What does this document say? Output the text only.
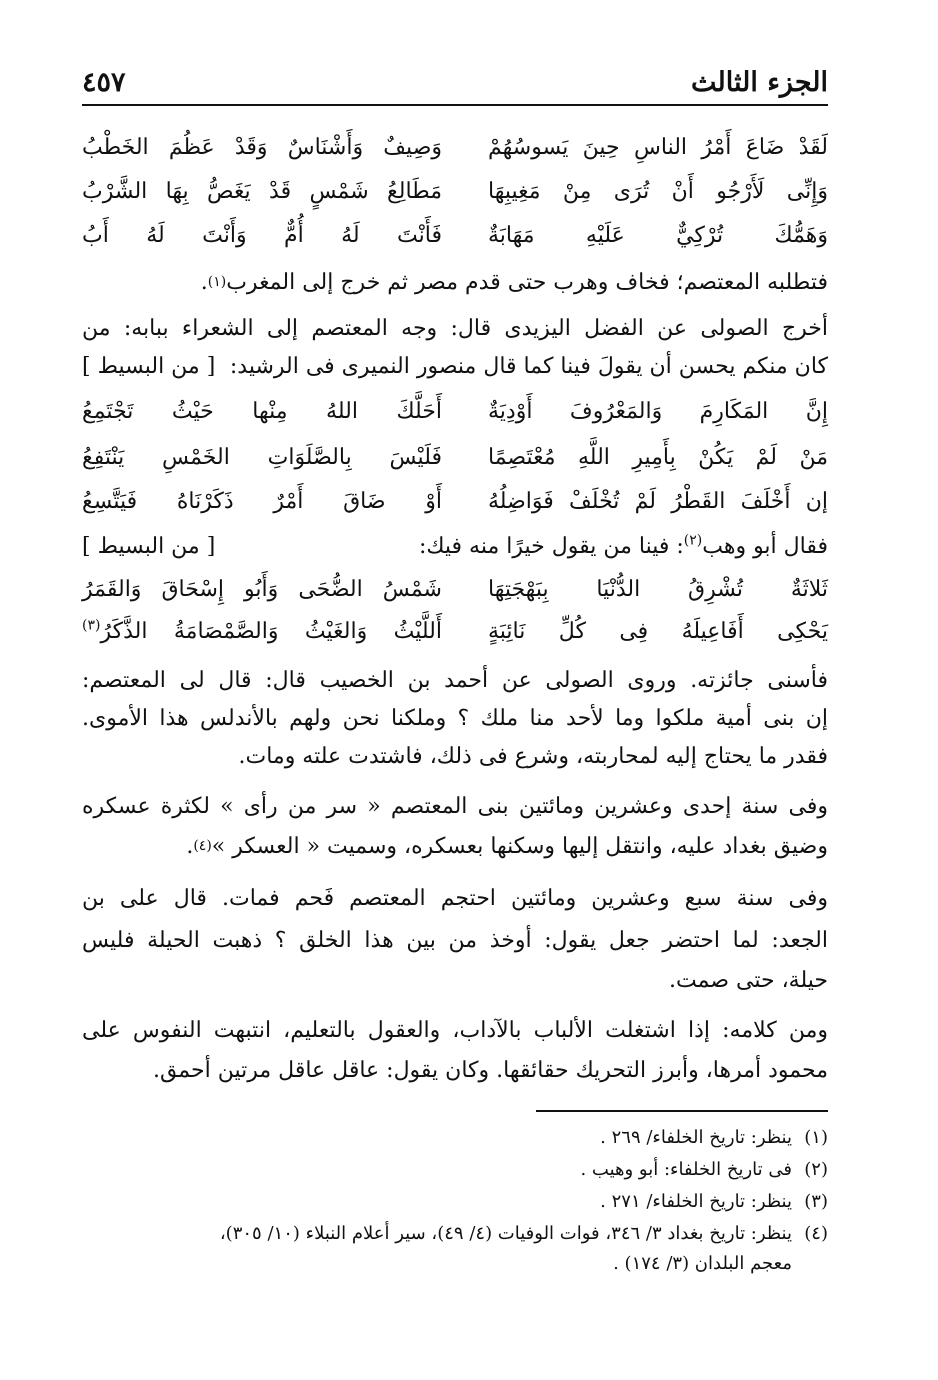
الجزء الثالث
٤٥٧
لَقَدْ ضَاعَ أَمْرُ الناسِ حِينَ يَسوسُهُمْ
وَصِيفٌ وَأَشْنَاسٌ وَقَدْ عَظُمَ الخَطْبُ
وَإِنِّى لَأَرْجُو أَنْ تُرَى مِنْ مَغِيبِهَا
مَطَالِعُ شَمْسٍ قَدْ يَغَصُّ بِهَا الشَّرْبُ
وَهَمُّكَ تُرْكِيٌّ عَلَيْهِ مَهَابَةٌ
فَأَنْتَ لَهُ أُمٌّ وَأَنْتَ لَهُ أَبُ
فتطلبه المعتصم؛ فخاف وهرب حتى قدم مصر ثم خرج إلى المغرب
(١)
.
أخرج الصولى عن الفضل اليزيدى قال: وجه المعتصم إلى الشعراء ببابه: من
كان منكم يحسن أن يقولَ فينا كما قال منصور النميرى فى الرشيد:
[ من البسيط ]
إِنَّ المَكَارِمَ وَالمَعْرُوفَ أَوْدِيَةٌ
أَحَلَّكَ اللهُ مِنْها حَيْثُ تَجْتَمِعُ
مَنْ لَمْ يَكُنْ بِأَمِيرِ اللَّهِ مُعْتَصِمًا
فَلَيْسَ بِالصَّلَوَاتِ الخَمْسِ يَنْتَفِعُ
إن أَخْلَفَ القَطْرُ لَمْ تُخْلَفْ فَوَاضِلُهُ
أَوْ ضَاقَ أَمْرٌ ذَكَرْنَاهُ فَيَتَّسِعُ
فقال أبو وهب$^{(٢)}$: فينا من يقول خيرًا منه فيك:
[ من البسيط ]
ثَلاثَةٌ تُشْرِقُ الدُّنْيَا بِبَهْجَتِهَا
شَمْسُ الضُّحَى وَأَبُو إِسْحَاقَ وَالقَمَرُ
يَحْكِى أَفَاعِيلَهُ فِى كُلِّ نَائِبَةٍ
أَللَّيْثُ وَالغَيْثُ وَالصَّمْصَامَةُ الذَّكَرُ$^{(٣)}$
فأسنى جائزته. وروى الصولى عن أحمد بن الخصيب قال: قال لى المعتصم:
إن بنى أمية ملكوا وما لأحد منا ملك ؟ وملكنا نحن ولهم بالأندلس هذا الأموى.
فقدر ما يحتاج إليه لمحاربته، وشرع فى ذلك، فاشتدت علته ومات.
وفى سنة إحدى وعشرين ومائتين بنى المعتصم « سر من رأى » لكثرة عسكره
وضيق بغداد عليه، وانتقل إليها وسكنها بعسكره، وسميت « العسكر »
(٤)
.
وفى سنة سبع وعشرين ومائتين احتجم المعتصم فَحم فمات. قال على بن
الجعد: لما احتضر جعل يقول: أوخذ من بين هذا الخلق ؟ ذهبت الحيلة فليس
حيلة، حتى صمت.
ومن كلامه: إذا اشتغلت الألباب بالآداب، والعقول بالتعليم، انتبهت النفوس على
محمود أمرها، وأبرز التحريك حقائقها. وكان يقول: عاقل عاقل مرتين أحمق.
(١)ينظر: تاريخ الخلفاء/ ٢٦٩ .
(٢)فى تاريخ الخلفاء: أبو وهيب .
(٣)ينظر: تاريخ الخلفاء/ ٢٧١ .
(٤)ينظر: تاريخ بغداد ٣/ ٣٤٦، فوات الوفيات (٤/ ٤٩)، سير أعلام النبلاء (١٠/ ٣٠٥)،
معجم البلدان (٣/ ١٧٤) .
